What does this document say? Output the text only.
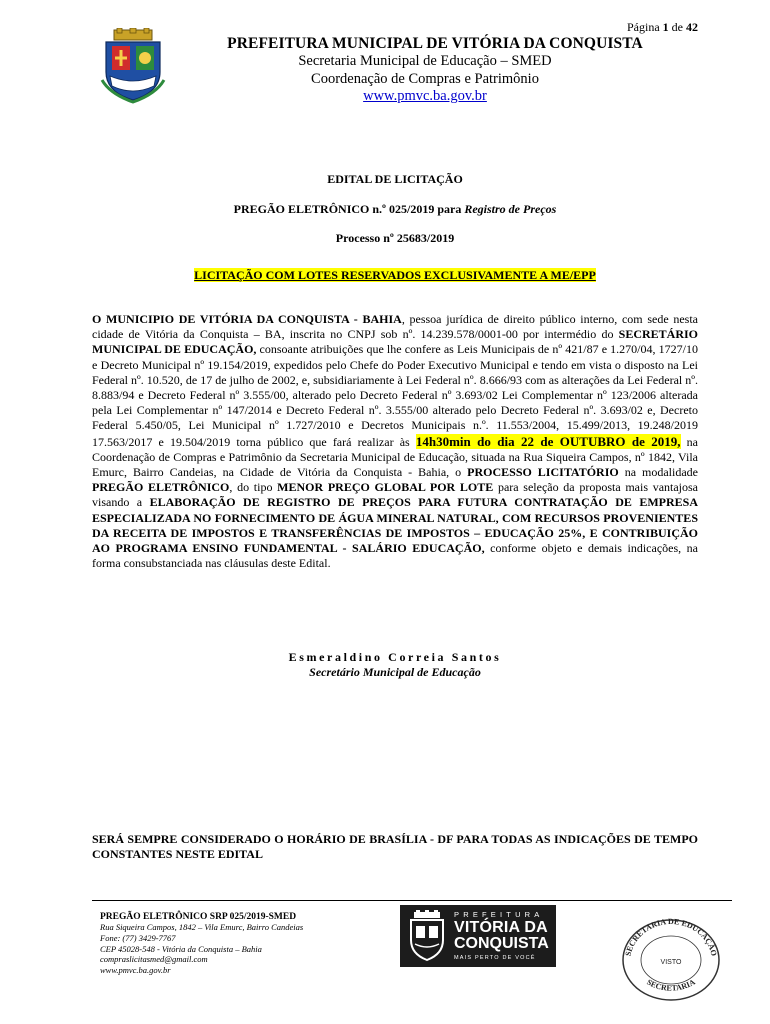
Página 1 de 42
PREFEITURA MUNICIPAL DE VITÓRIA DA CONQUISTA
Secretaria Municipal de Educação – SMED
Coordenação de Compras e Patrimônio
www.pmvc.ba.gov.br
EDITAL DE LICITAÇÃO
PREGÃO ELETRÔNICO n.º 025/2019 para Registro de Preços
Processo nº 25683/2019
LICITAÇÃO COM LOTES RESERVADOS EXCLUSIVAMENTE A ME/EPP
O MUNICIPIO DE VITÓRIA DA CONQUISTA - BAHIA, pessoa jurídica de direito público interno, com sede nesta cidade de Vitória da Conquista – BA, inscrita no CNPJ sob nº. 14.239.578/0001-00 por intermédio do SECRETÁRIO MUNICIPAL DE EDUCAÇÃO, consoante atribuições que lhe confere as Leis Municipais de nº 421/87 e 1.270/04, 1727/10 e Decreto Municipal nº 19.154/2019, expedidos pelo Chefe do Poder Executivo Municipal e tendo em vista o disposto na Lei Federal nº. 10.520, de 17 de julho de 2002, e, subsidiariamente à Lei Federal nº. 8.666/93 com as alterações da Lei Federal nº. 8.883/94 e Decreto Federal nº 3.555/00, alterado pelo Decreto Federal nº 3.693/02 Lei Complementar nº 123/2006 alterada pela Lei Complementar nº 147/2014 e Decreto Federal nº. 3.555/00 alterado pelo Decreto Federal nº. 3.693/02 e, Decreto Federal 5.450/05, Lei Municipal nº 1.727/2010 e Decretos Municipais n.º. 11.553/2004, 15.499/2013, 19.248/2019 17.563/2017 e 19.504/2019 torna público que fará realizar às 14h30min do dia 22 de OUTUBRO de 2019, na Coordenação de Compras e Patrimônio da Secretaria Municipal de Educação, situada na Rua Siqueira Campos, nº 1842, Vila Emurc, Bairro Candeias, na Cidade de Vitória da Conquista - Bahia, o PROCESSO LICITATÓRIO na modalidade PREGÃO ELETRÔNICO, do tipo MENOR PREÇO GLOBAL POR LOTE para seleção da proposta mais vantajosa visando a ELABORAÇÃO DE REGISTRO DE PREÇOS PARA FUTURA CONTRATAÇÃO DE EMPRESA ESPECIALIZADA NO FORNECIMENTO DE ÁGUA MINERAL NATURAL, COM RECURSOS PROVENIENTES DA RECEITA DE IMPOSTOS E TRANSFERÊNCIAS DE IMPOSTOS – EDUCAÇÃO 25%, E CONTRIBUIÇÃO AO PROGRAMA ENSINO FUNDAMENTAL - SALÁRIO EDUCAÇÃO, conforme objeto e demais indicações, na forma consubstanciada nas cláusulas deste Edital.
Esmeraldino Correia Santos
Secretário Municipal de Educação
SERÁ SEMPRE CONSIDERADO O HORÁRIO DE BRASÍLIA - DF PARA TODAS AS INDICAÇÕES DE TEMPO CONSTANTES NESTE EDITAL
PREGÃO ELETRÔNICO SRP 025/2019-SMED
Rua Siqueira Campos, 1842 – Vila Emurc, Bairro Candeias
Fone: (77) 3429-7767
CEP 45028-548 - Vitória da Conquista – Bahia
compraslicitasmed@gmail.com
www.pmvc.ba.gov.br
PREFEITURA
VITÓRIA DA
CONQUISTA
MAIS PERTO DE VOCÊ
SECRETARIA DE EDUCAÇÃO
VISTO
SECRETARIA
